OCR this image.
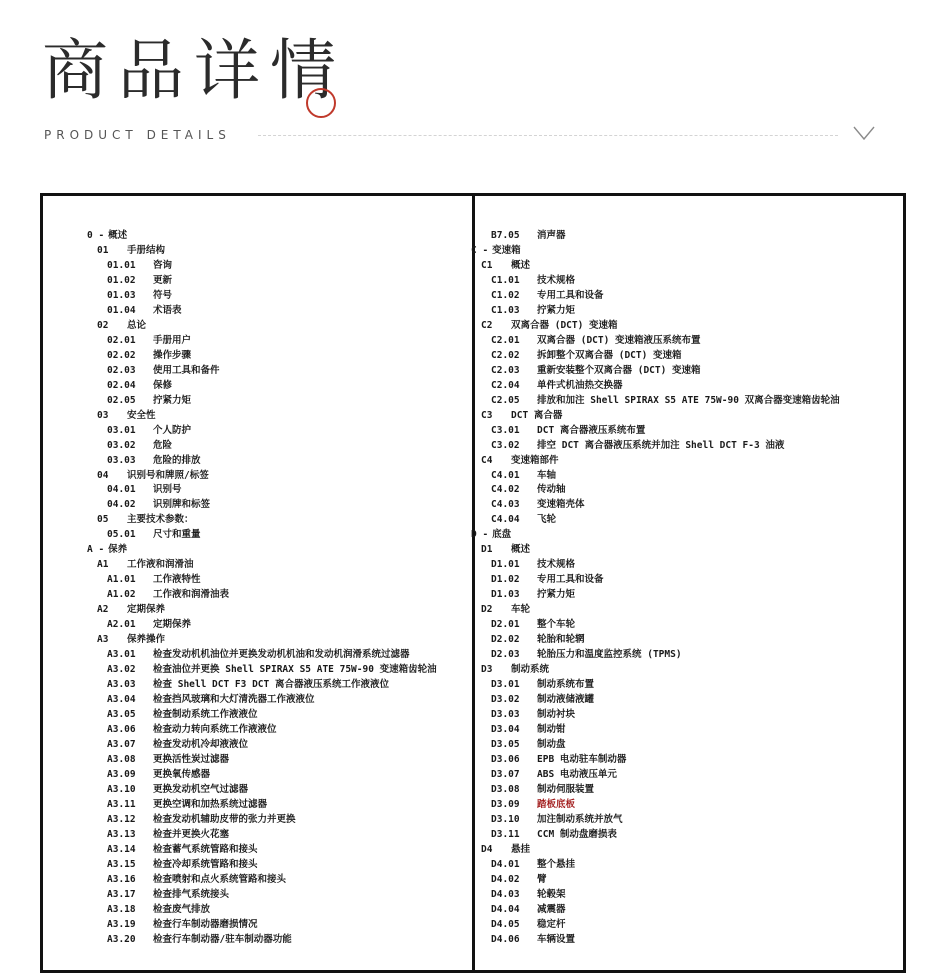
商品详情
PRODUCT DETAILS
0 - 概述
01 手册结构
01.01 咨询
01.02 更新
01.03 符号
01.04 术语表
02 总论
02.01 手册用户
02.02 操作步骤
02.03 使用工具和备件
02.04 保修
02.05 拧紧力矩
03 安全性
03.01 个人防护
03.02 危险
03.03 危险的排放
04 识别号和牌照/标签
04.01 识别号
04.02 识别牌和标签
05 主要技术参数：
05.01 尺寸和重量
A - 保养
A1 工作液和润滑油
A1.01 工作液特性
A1.02 工作液和润滑油表
A2 定期保养
A2.01 定期保养
A3 保养操作
A3.01 检查发动机机油位并更换发动机机油和发动机润滑系统过滤器
A3.02 检查油位并更换 Shell SPIRAX S5 ATE 75W-90 变速箱齿轮油
A3.03 检查 Shell DCT F3 DCT 离合器液压系统工作液液位
A3.04 检查挡风玻璃和大灯清洗器工作液液位
A3.05 检查制动系统工作液液位
A3.06 检查动力转向系统工作液液位
A3.07 检查发动机冷却液液位
A3.08 更换活性炭过滤器
A3.09 更换氧传感器
A3.10 更换发动机空气过滤器
A3.11 更换空调和加热系统过滤器
A3.12 检查发动机辅助皮带的张力并更换
A3.13 检查并更换火花塞
A3.14 检查蓄气系统管路和接头
A3.15 检查冷却系统管路和接头
A3.16 检查喷射和点火系统管路和接头
A3.17 检查排气系统接头
A3.18 检查废气排放
A3.19 检查行车制动器磨损情况
A3.20 检查行车制动器/驻车制动器功能
B7.05 消声器
C - 变速箱
C1 概述
C1.01 技术规格
C1.02 专用工具和设备
C1.03 拧紧力矩
C2 双离合器 (DCT) 变速箱
C2.01 双离合器 (DCT) 变速箱液压系统布置
C2.02 拆卸整个双离合器 (DCT) 变速箱
C2.03 重新安装整个双离合器 (DCT) 变速箱
C2.04 单件式机油热交换器
C2.05 排放和加注 Shell SPIRAX S5 ATE 75W-90 双离合器变速箱齿轮油
C3 DCT 离合器
C3.01 DCT 离合器液压系统布置
C3.02 排空 DCT 离合器液压系统并加注 Shell DCT F-3 油液
C4 变速箱部件
C4.01 车轴
C4.02 传动轴
C4.03 变速箱壳体
C4.04 飞轮
D - 底盘
D1 概述
D1.01 技术规格
D1.02 专用工具和设备
D1.03 拧紧力矩
D2 车轮
D2.01 整个车轮
D2.02 轮胎和轮辋
D2.03 轮胎压力和温度监控系统 (TPMS)
D3 制动系统
D3.01 制动系统布置
D3.02 制动液储液罐
D3.03 制动衬块
D3.04 制动钳
D3.05 制动盘
D3.06 EPB 电动驻车制动器
D3.07 ABS 电动液压单元
D3.08 制动伺服装置
D3.09 踏板底板
D3.10 加注制动系统并放气
D3.11 CCM 制动盘磨损表
D4 悬挂
D4.01 整个悬挂
D4.02 臂
D4.03 轮毂架
D4.04 减震器
D4.05 稳定杆
D4.06 车辆设置
